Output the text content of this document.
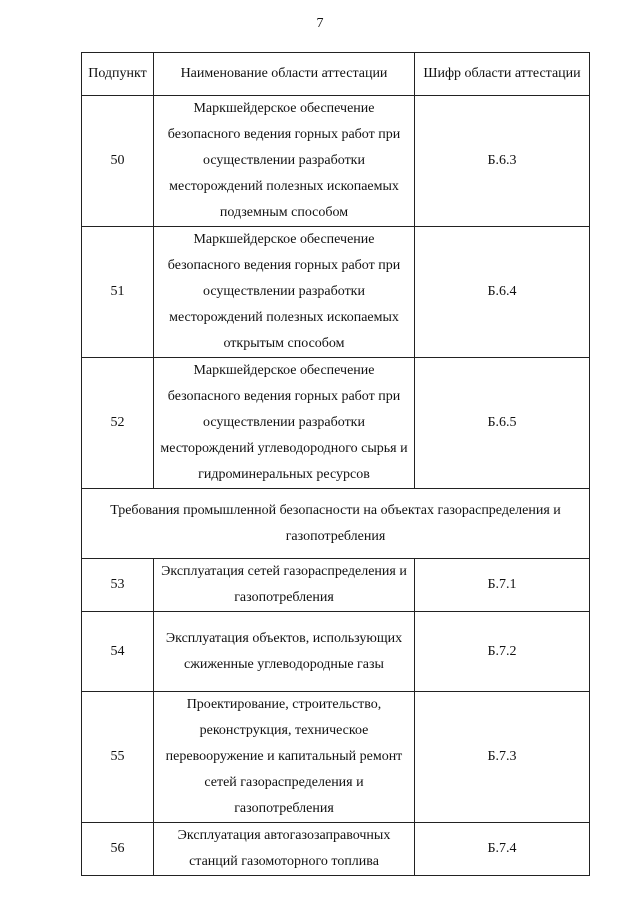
7
Подпункт	Наименование области аттестации	Шифр области аттестации
50	Маркшейдерское обеспечение безопасного ведения горных работ при осуществлении разработки месторождений полезных ископаемых подземным способом	Б.6.3
51	Маркшейдерское обеспечение безопасного ведения горных работ при осуществлении разработки месторождений полезных ископаемых открытым способом	Б.6.4
52	Маркшейдерское обеспечение безопасного ведения горных работ при осуществлении разработки месторождений углеводородного сырья и гидроминеральных ресурсов	Б.6.5
Требования промышленной безопасности на объектах газораспределения и газопотребления		
53	Эксплуатация сетей газораспределения и газопотребления	Б.7.1
54	Эксплуатация объектов, использующих сжиженные углеводородные газы	Б.7.2
55	Проектирование, строительство, реконструкция, техническое перевооружение и капитальный ремонт сетей газораспределения и газопотребления	Б.7.3
56	Эксплуатация автогазозаправочных станций газомоторного топлива	Б.7.4
